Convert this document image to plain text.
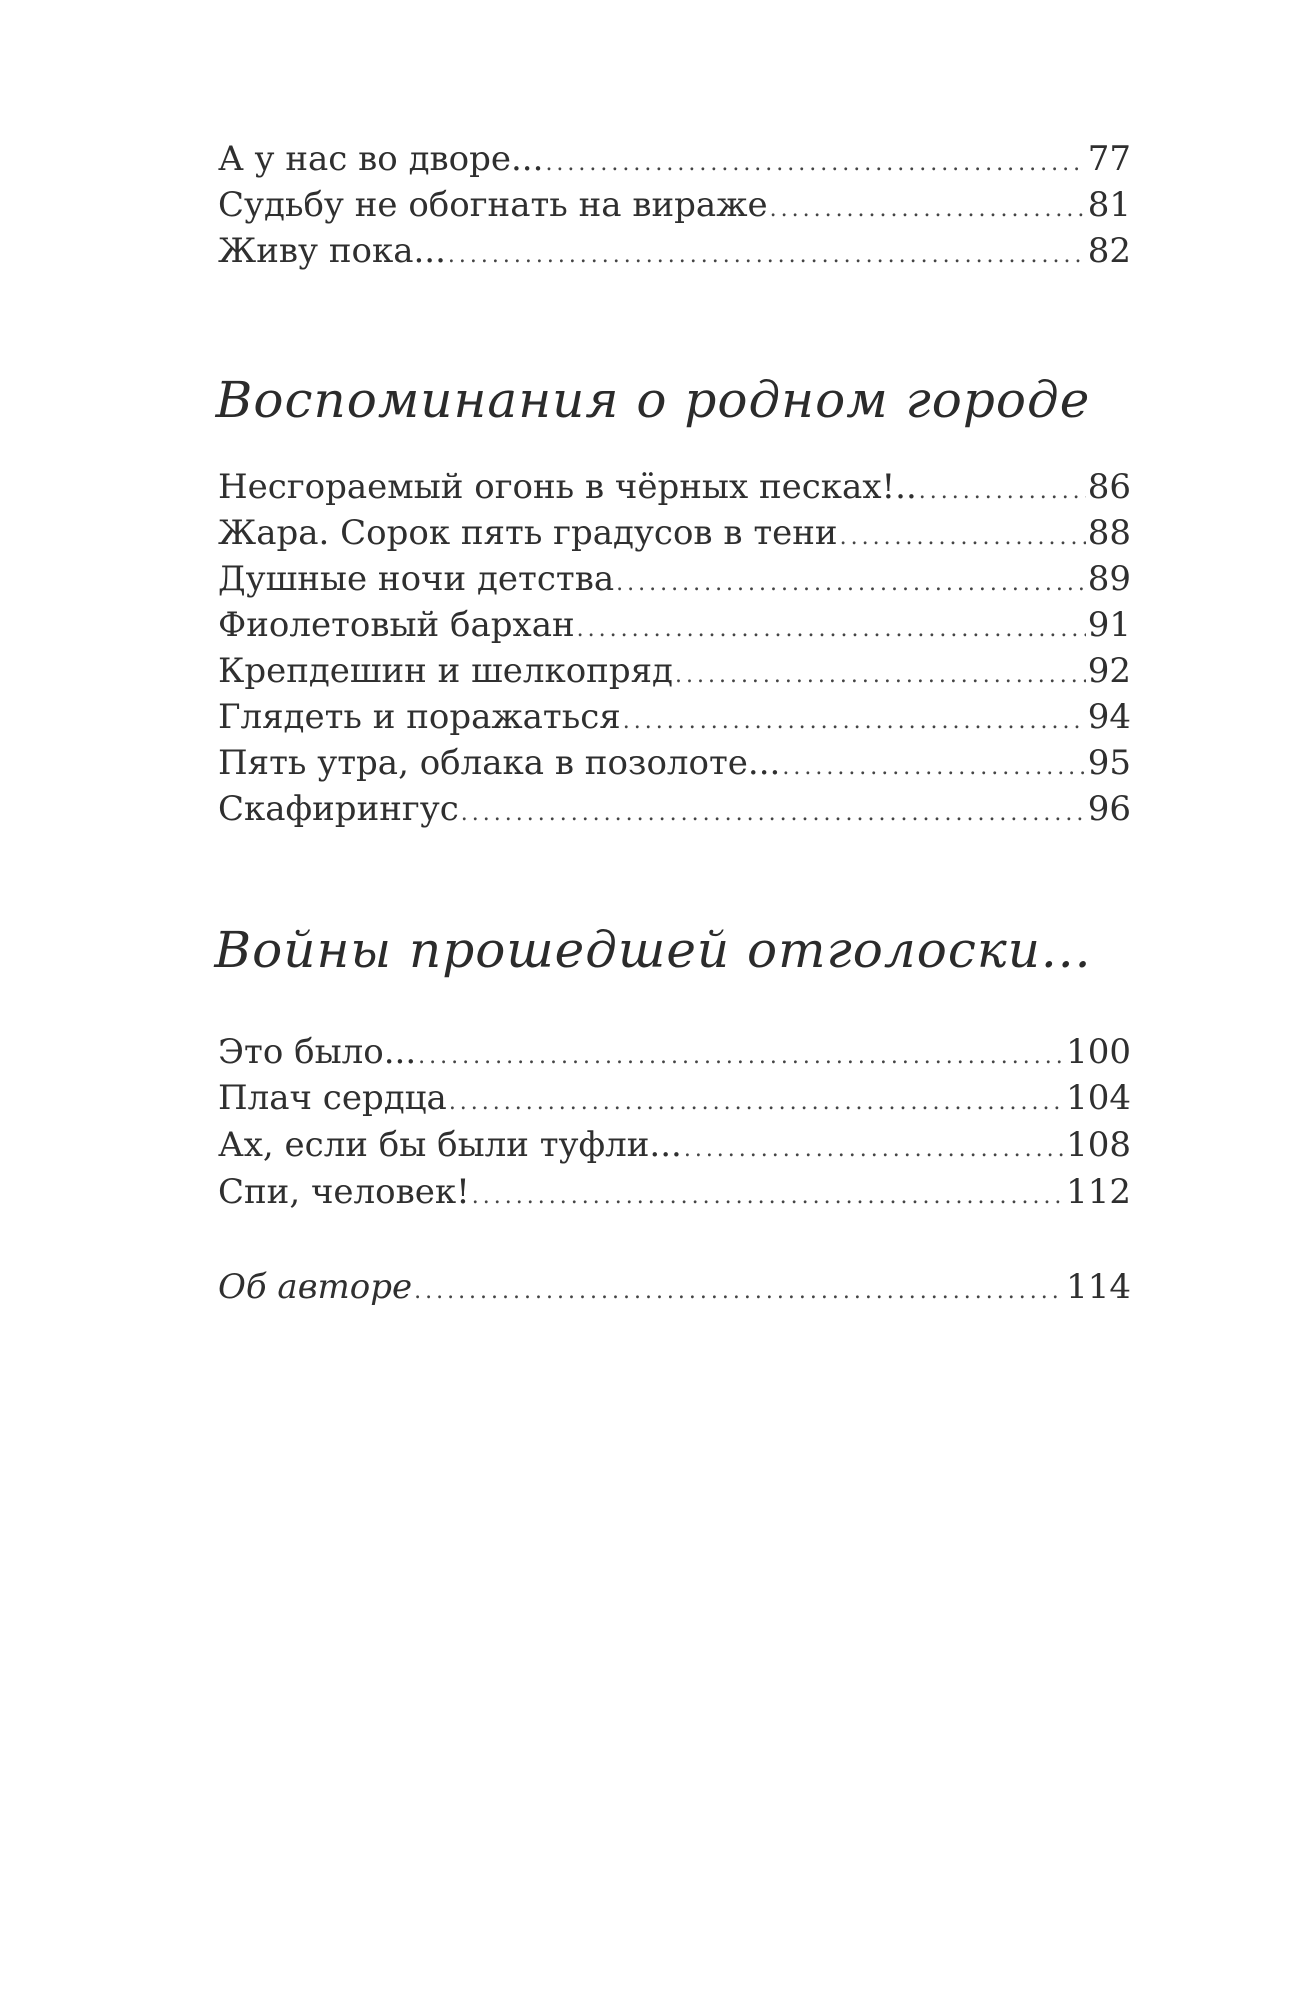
А у нас во дворе... .....	77
Судьбу не обогнать на вираже .....	81
Живу пока... .....	82
Воспоминания о родном городе
Несгораемый огонь в чёрных песках!.. .....	86
Жара. Сорок пять градусов в тени .....	88
Душные ночи детства .....	89
Фиолетовый бархан .....	91
Крепдешин и шелкопряд .....	92
Глядеть и поражаться .....	94
Пять утра, облака в позолоте... .....	95
Скафирингус .....	96
Войны прошедшей отголоски...
Это было... .....	100
Плач сердца .....	104
Ах, если бы были туфли... .....	108
Спи, человек! .....	112
Об авторе .....	114
